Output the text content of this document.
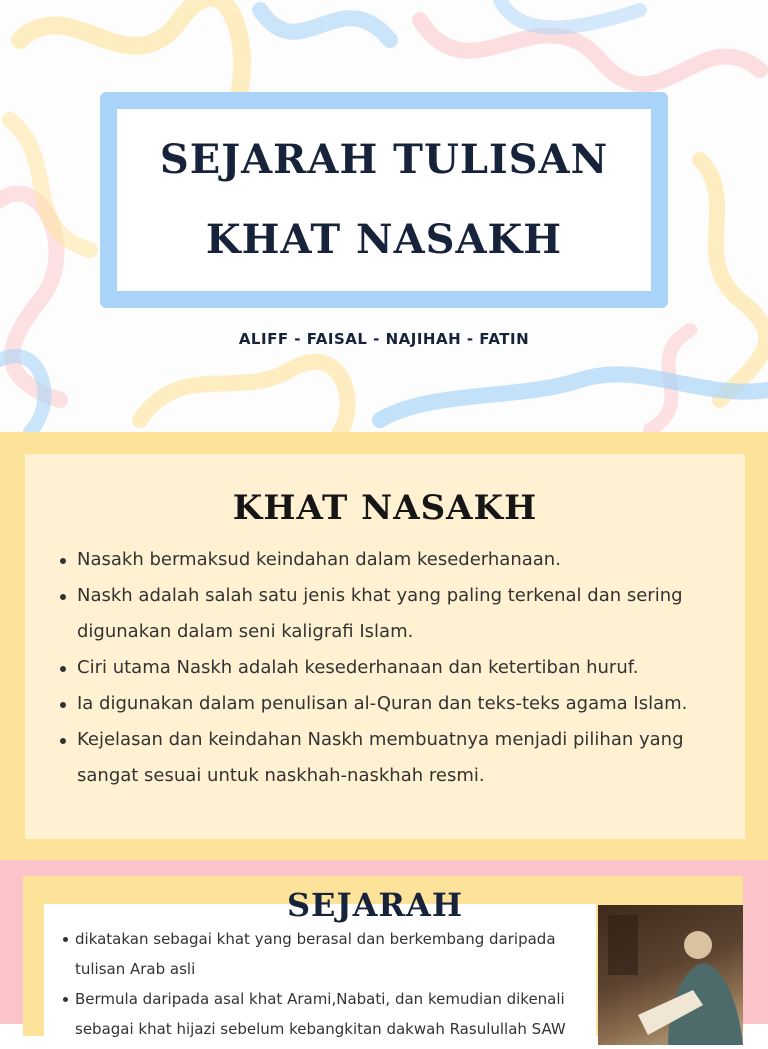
SEJARAH TULISAN
KHAT NASAKH
ALIFF - FAISAL - NAJIHAH - FATIN
KHAT NASAKH
Nasakh bermaksud keindahan dalam kesederhanaan.
Naskh adalah salah satu jenis khat yang paling terkenal dan sering digunakan dalam seni kaligrafi Islam.
Ciri utama Naskh adalah kesederhanaan dan ketertiban huruf.
Ia digunakan dalam penulisan al-Quran dan teks-teks agama Islam.
Kejelasan dan keindahan Naskh membuatnya menjadi pilihan yang sangat sesuai untuk naskhah-naskhah resmi.
SEJARAH
dikatakan sebagai khat yang berasal dan berkembang daripada tulisan Arab asli
Bermula daripada asal khat Arami,Nabati, dan kemudian dikenali sebagai khat hijazi sebelum kebangkitan dakwah Rasulullah SAW
